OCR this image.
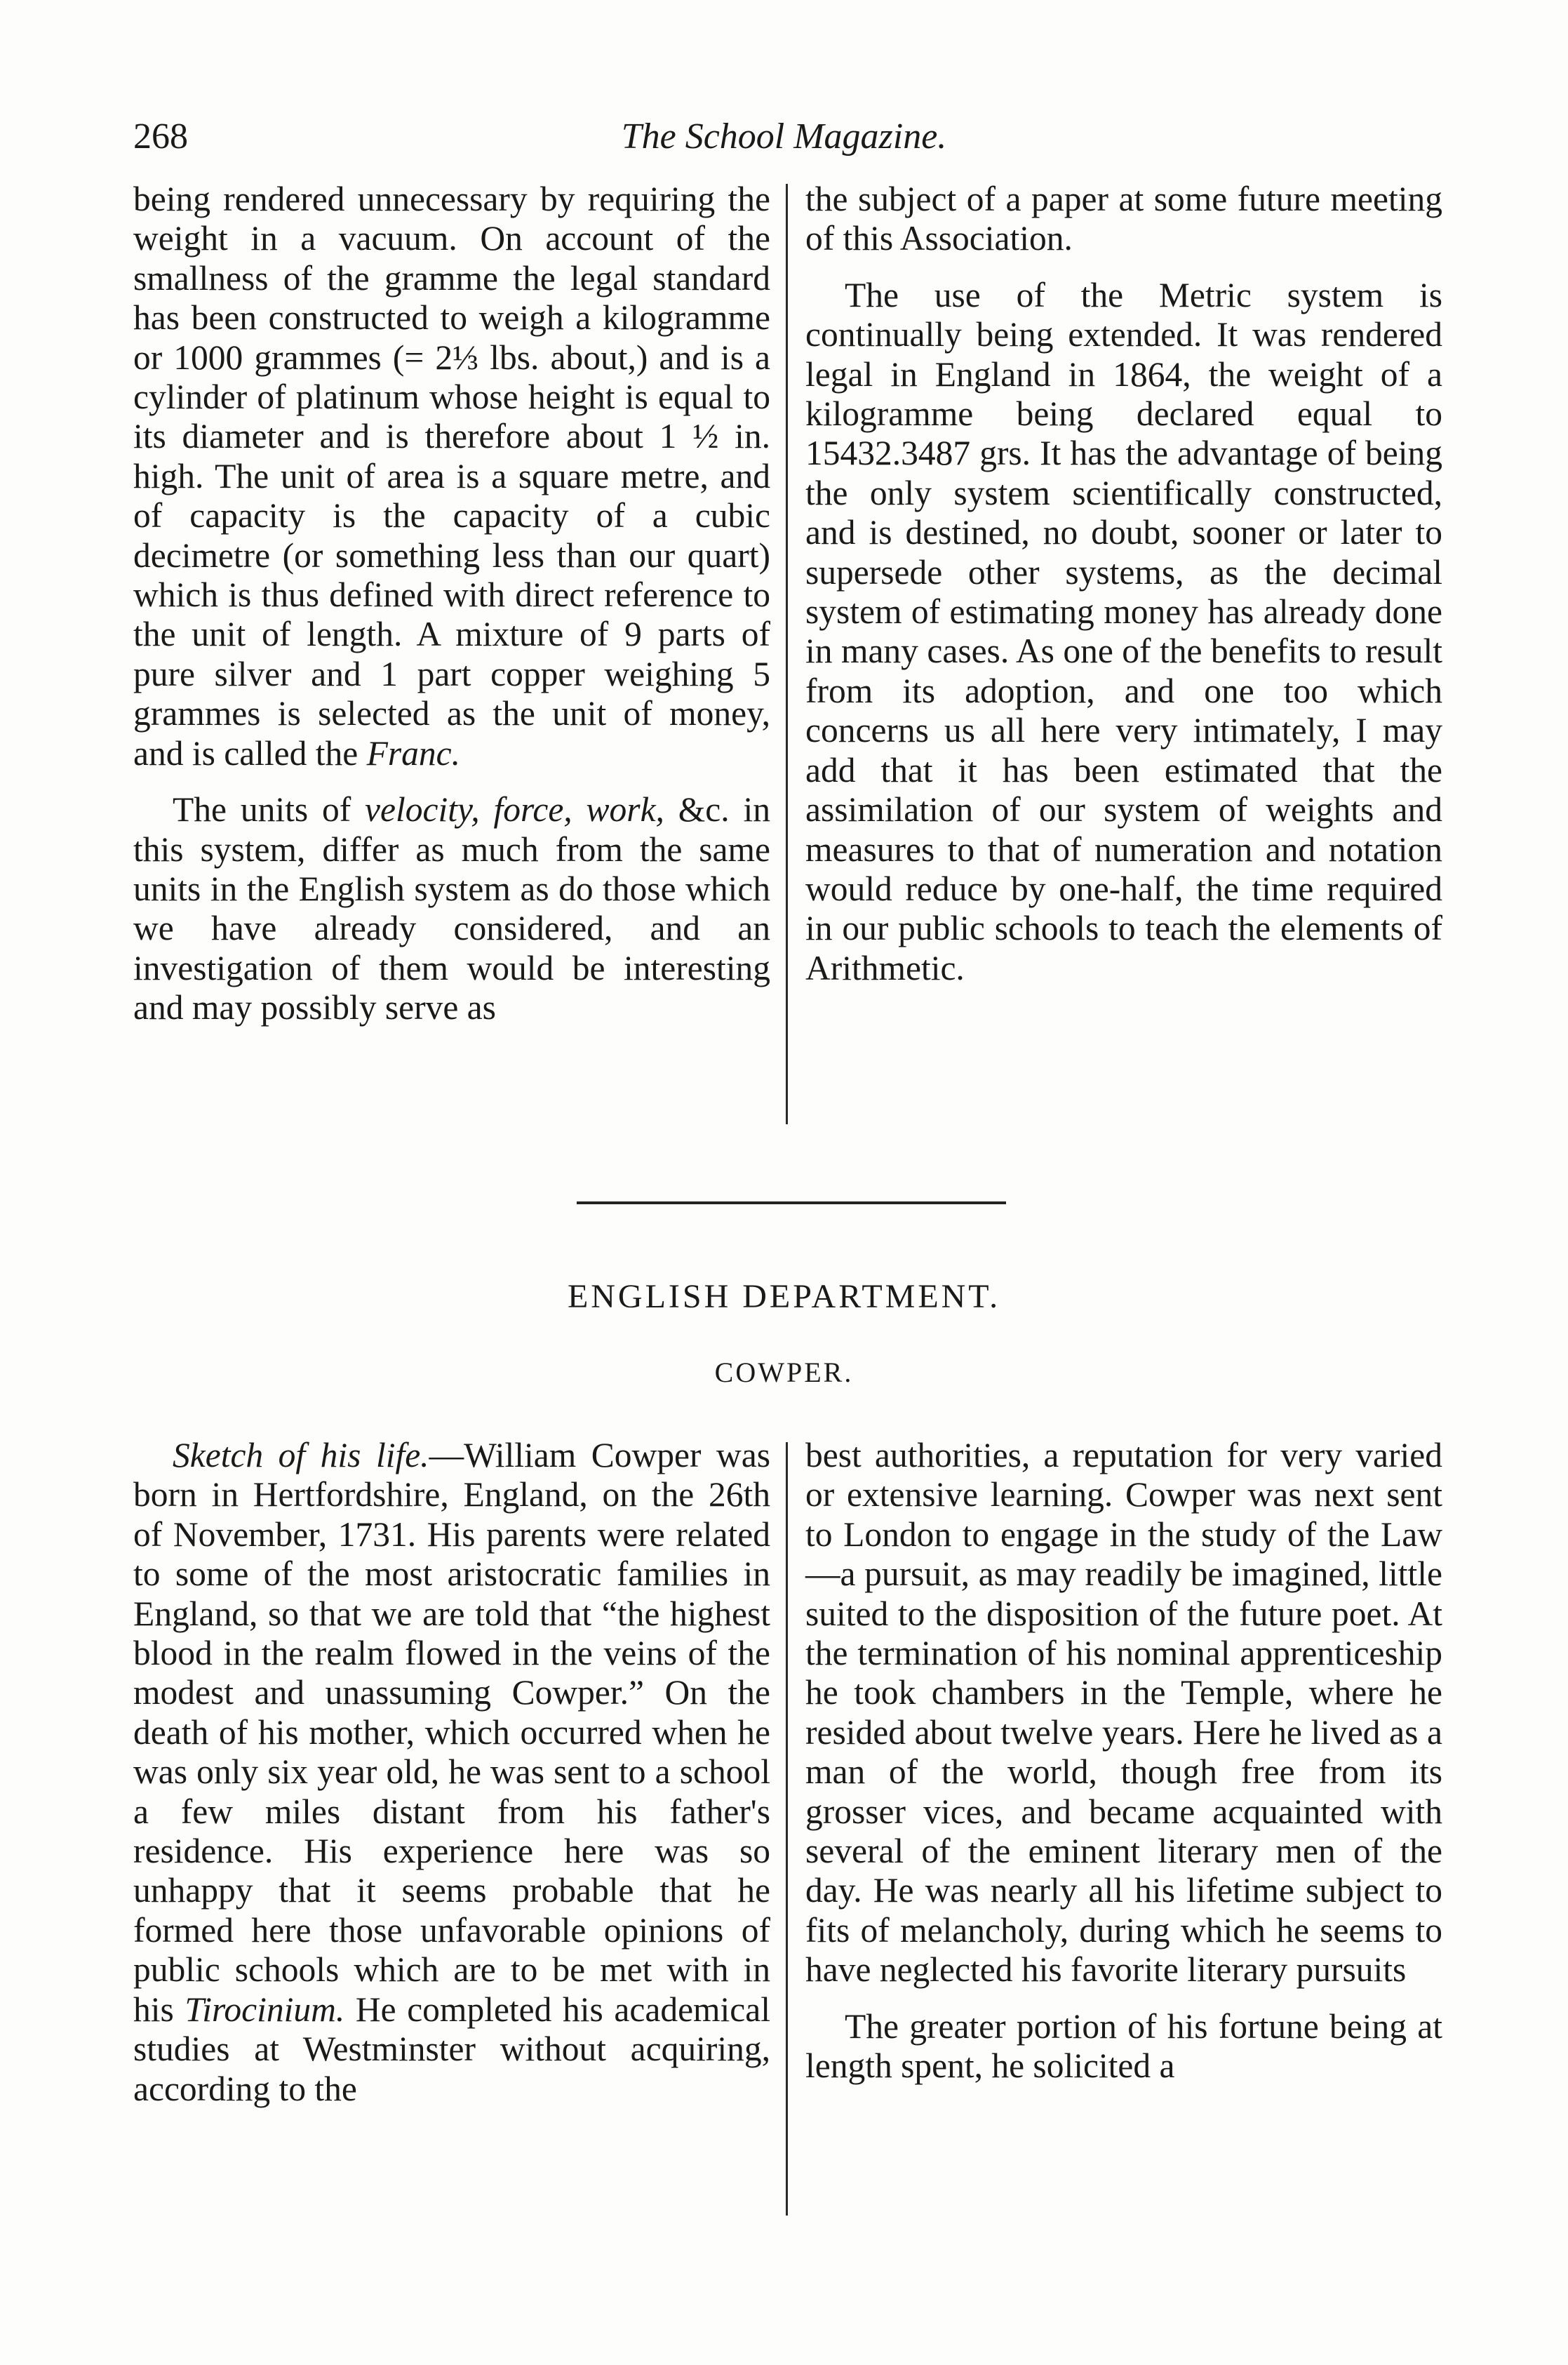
268	The School Magazine.

being rendered unnecessary by requiring the weight in a vacuum. On account of the smallness of the gramme the legal standard has been constructed to weigh a kilogramme or 1000 grammes (= 2⅓ lbs. about,) and is a cylinder of platinum whose height is equal to its diameter and is therefore about 1 ½ in. high. The unit of area is a square metre, and of capacity is the capacity of a cubic decimetre (or something less than our quart) which is thus defined with direct reference to the unit of length. A mixture of 9 parts of pure silver and 1 part copper weighing 5 grammes is selected as the unit of money, and is called the Franc.

The units of velocity, force, work, &c. in this system, differ as much from the same units in the English system as do those which we have already considered, and an investigation of them would be interesting and may possibly serve as

the subject of a paper at some future meeting of this Association.

The use of the Metric system is continually being extended. It was rendered legal in England in 1864, the weight of a kilogramme being declared equal to 15432.3487 grs. It has the advantage of being the only system scientifically constructed, and is destined, no doubt, sooner or later to supersede other systems, as the decimal system of estimating money has already done in many cases. As one of the benefits to result from its adoption, and one too which concerns us all here very intimately, I may add that it has been estimated that the assimilation of our system of weights and measures to that of numeration and notation would reduce by one-half, the time required in our public schools to teach the elements of Arithmetic.

ENGLISH DEPARTMENT.
COWPER.

Sketch of his life.—William Cowper was born in Hertfordshire, England, on the 26th of November, 1731. His parents were related to some of the most aristocratic families in England, so that we are told that “the highest blood in the realm flowed in the veins of the modest and unassuming Cowper.” On the death of his mother, which occurred when he was only six year old, he was sent to a school a few miles distant from his father's residence. His experience here was so unhappy that it seems probable that he formed here those unfavorable opinions of public schools which are to be met with in his Tirocinium. He completed his academical studies at Westminster without acquiring, according to the

best authorities, a reputation for very varied or extensive learning. Cowper was next sent to London to engage in the study of the Law—a pursuit, as may readily be imagined, little suited to the disposition of the future poet. At the termination of his nominal apprenticeship he took chambers in the Temple, where he resided about twelve years. Here he lived as a man of the world, though free from its grosser vices, and became acquainted with several of the eminent literary men of the day. He was nearly all his lifetime subject to fits of melancholy, during which he seems to have neglected his favorite literary pursuits

The greater portion of his fortune being at length spent, he solicited a
